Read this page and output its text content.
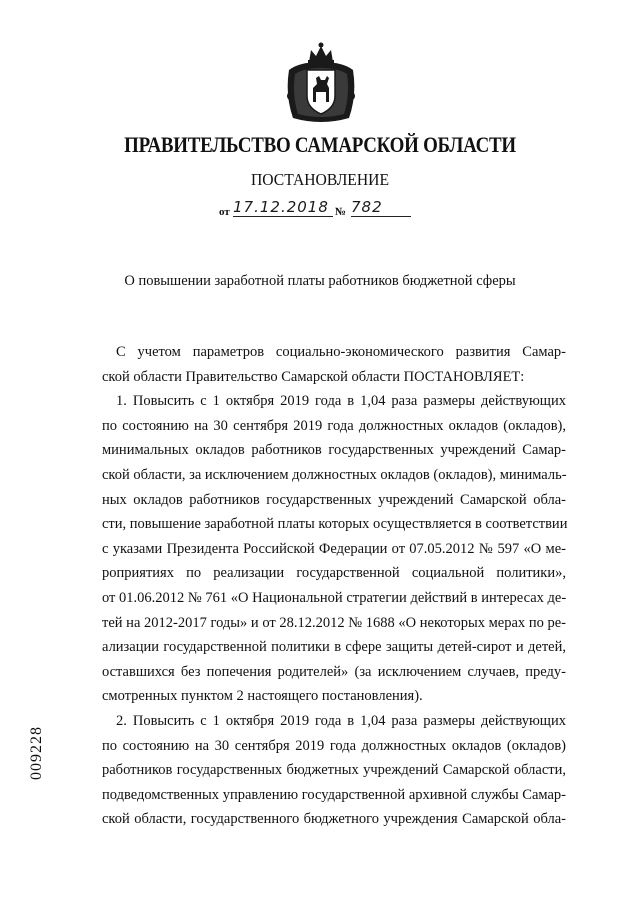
ПРАВИТЕЛЬСТВО САМАРСКОЙ ОБЛАСТИ
ПОСТАНОВЛЕНИЕ
от 17.12.2018 № 782
О повышении заработной платы работников бюджетной сферы
С учетом параметров социально-экономического развития Самар-
ской области Правительство Самарской области ПОСТАНОВЛЯЕТ:
1. Повысить с 1 октября 2019 года в 1,04 раза размеры действующих
по состоянию на 30 сентября 2019 года должностных окладов (окладов),
минимальных окладов работников государственных учреждений Самар-
ской области, за исключением должностных окладов (окладов), минималь-
ных окладов работников государственных учреждений Самарской обла-
сти, повышение заработной платы которых осуществляется в соответствии
с указами Президента Российской Федерации от 07.05.2012 № 597 «О ме-
роприятиях по реализации государственной социальной политики»,
от 01.06.2012 № 761 «О Национальной стратегии действий в интересах де-
тей на 2012-2017 годы» и от 28.12.2012 № 1688 «О некоторых мерах по ре-
ализации государственной политики в сфере защиты детей-сирот и детей,
оставшихся без попечения родителей» (за исключением случаев, преду-
смотренных пунктом 2 настоящего постановления).
2. Повысить с 1 октября 2019 года в 1,04 раза размеры действующих
по состоянию на 30 сентября 2019 года должностных окладов (окладов)
работников государственных бюджетных учреждений Самарской области,
подведомственных управлению государственной архивной службы Самар-
ской области, государственного бюджетного учреждения Самарской обла-
009228
